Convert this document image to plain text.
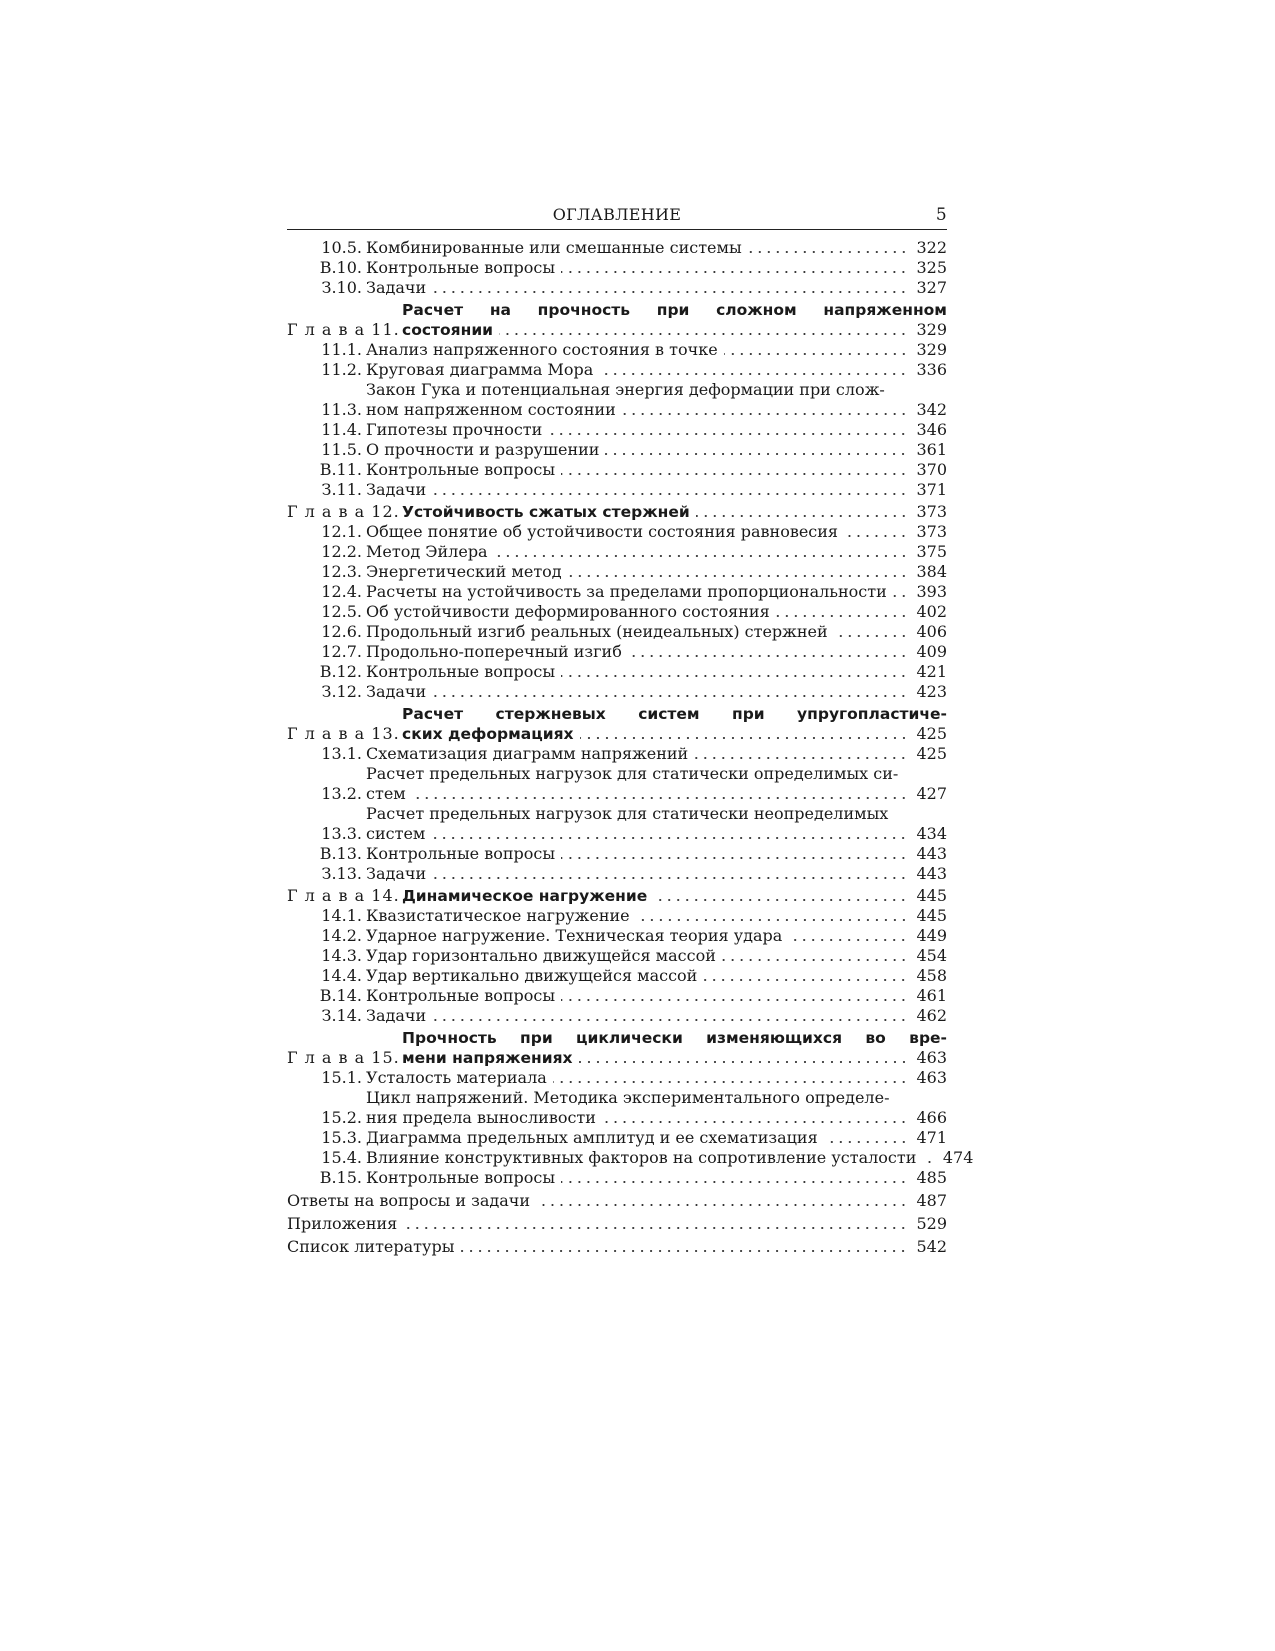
ОГЛАВЛЕНИЕ	5
10.5. Комбинированные или смешанные системы	322
В.10. Контрольные вопросы	325
З.10. Задачи	327
Г л а в а 11.
Расчет на прочность при сложном напряженном
состоянии	329
11.1. Анализ напряженного состояния в точке	329
11.2. Круговая диаграмма Мора	336
11.3.
Закон Гука и потенциальная энергия деформации при слож-
ном напряженном состоянии	342
11.4. Гипотезы прочности	346
11.5. О прочности и разрушении	361
В.11. Контрольные вопросы	370
З.11. Задачи	371
Г л а в а 12. Устойчивость сжатых стержней	373
12.1. Общее понятие об устойчивости состояния равновесия	373
12.2. Метод Эйлера	375
12.3. Энергетический метод	384
12.4. Расчеты на устойчивость за пределами пропорциональности	393
12.5. Об устойчивости деформированного состояния	402
12.6. Продольный изгиб реальных (неидеальных) стержней	406
12.7. Продольно-поперечный изгиб	409
В.12. Контрольные вопросы	421
З.12. Задачи	423
Г л а в а 13.
Расчет стержневых систем при упругопластиче-
ских деформациях	425
13.1. Схематизация диаграмм напряжений	425
13.2.
Расчет предельных нагрузок для статически определимых си-
стем	427
13.3.
Расчет предельных нагрузок для статически неопределимых
систем	434
В.13. Контрольные вопросы	443
З.13. Задачи	443
Г л а в а 14. Динамическое нагружение	445
14.1. Квазистатическое нагружение	445
14.2. Ударное нагружение. Техническая теория удара	449
14.3. Удар горизонтально движущейся массой	454
14.4. Удар вертикально движущейся массой	458
В.14. Контрольные вопросы	461
З.14. Задачи	462
Г л а в а 15.
Прочность при циклически изменяющихся во вре-
мени напряжениях	463
15.1. Усталость материала	463
15.2.
Цикл напряжений. Методика экспериментального определе-
ния предела выносливости	466
15.3. Диаграмма предельных амплитуд и ее схематизация	471
15.4. Влияние конструктивных факторов на сопротивление усталости	474
В.15. Контрольные вопросы	485
Ответы на вопросы и задачи	487
Приложения	529
Список литературы	542
